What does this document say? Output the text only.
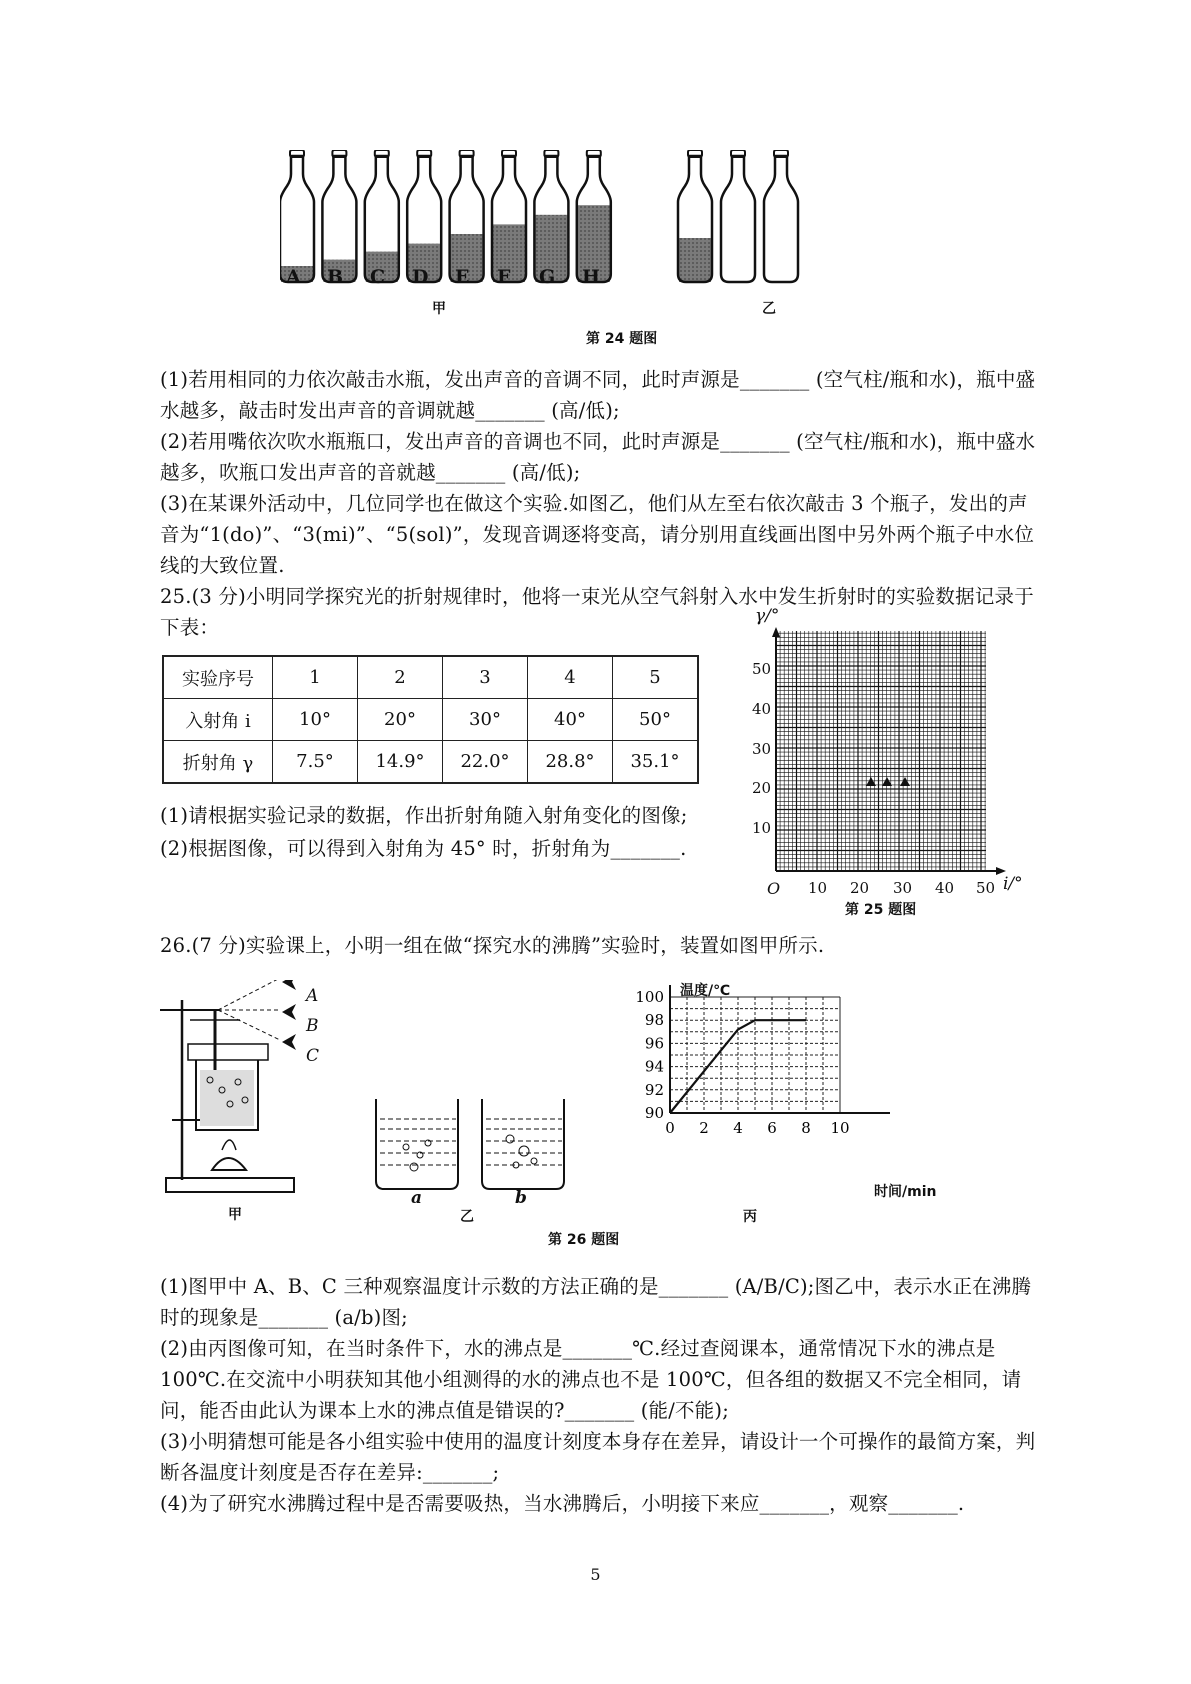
A B C D E F G H
甲	乙
第 24 题图
(1)若用相同的力依次敲击水瓶，发出声音的音调不同，此时声源是_______ (空气柱/瓶和水)，瓶中盛水越多，敲击时发出声音的音调就越_______ (高/低);
(2)若用嘴依次吹水瓶瓶口，发出声音的音调也不同，此时声源是_______ (空气柱/瓶和水)，瓶中盛水越多，吹瓶口发出声音的音就越_______ (高/低);
(3)在某课外活动中，几位同学也在做这个实验.如图乙，他们从左至右依次敲击 3 个瓶子，发出的声音为“1(do)”、“3(mi)”、“5(sol)”，发现音调逐将变高，请分别用直线画出图中另外两个瓶子中水位线的大致位置.
25.(3 分)小明同学探究光的折射规律时，他将一束光从空气斜射入水中发生折射时的实验数据记录于下表：
实验序号	1	2	3	4	5
入射角 i	10°	20°	30°	40°	50°
折射角 γ	7.5°	14.9°	22.0°	28.8°	35.1°
(1)请根据实验记录的数据，作出折射角随入射角变化的图像;
(2)根据图像，可以得到入射角为 45° 时，折射角为_______.
γ/°
50
40
30
20
10
O 10 20 30 40 50 i/°
第 25 题图
26.(7 分)实验课上，小明一组在做“探究水的沸腾”实验时，装置如图甲所示.
A
B
C
甲
a	b
乙
90
92
94
96
98
100
0 2 4 6 8 10
温度/℃
时间/min
丙
第 26 题图
(1)图甲中 A、B、C 三种观察温度计示数的方法正确的是_______ (A/B/C);图乙中，表示水正在沸腾时的现象是_______ (a/b)图;
(2)由丙图像可知，在当时条件下，水的沸点是_______℃.经过查阅课本，通常情况下水的沸点是100℃.在交流中小明获知其他小组测得的水的沸点也不是 100℃，但各组的数据又不完全相同，请问，能否由此认为课本上水的沸点值是错误的?_______ (能/不能);
(3)小明猜想可能是各小组实验中使用的温度计刻度本身存在差异，请设计一个可操作的最简方案，判断各温度计刻度是否存在差异:_______;
(4)为了研究水沸腾过程中是否需要吸热，当水沸腾后，小明接下来应_______，观察_______.
5
